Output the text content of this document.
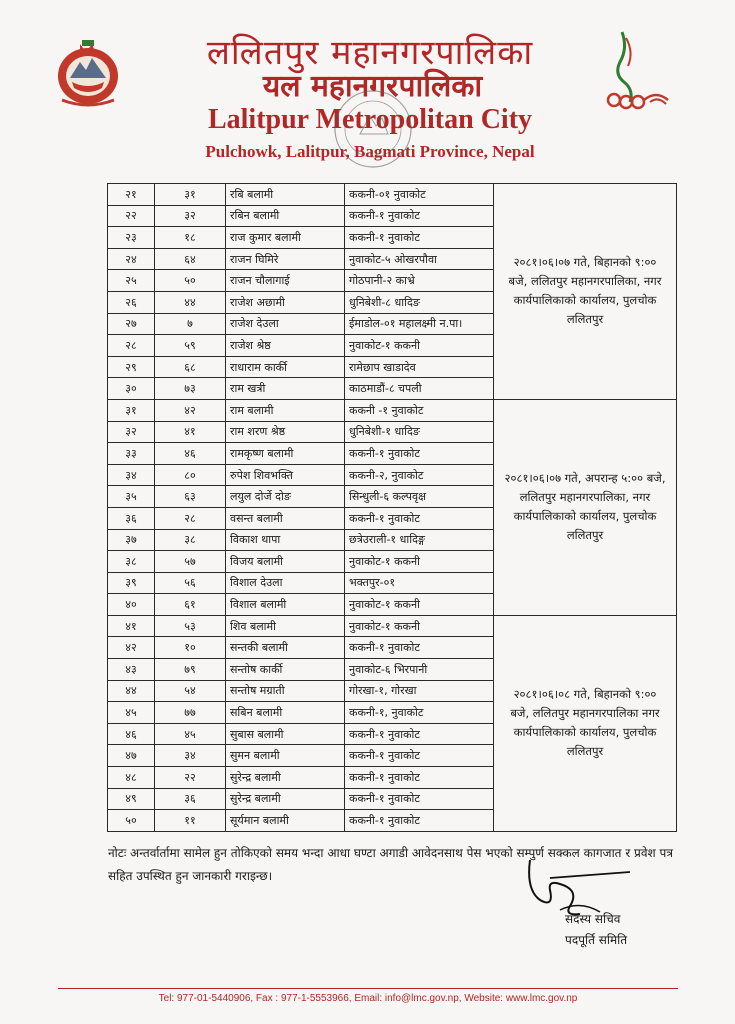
ललितपुर महानगरपालिका
यल महानगरपालिका
Lalitpur Metropolitan City
Pulchowk, Lalitpur, Bagmati Province, Nepal
२१	३१	रबि बलामी	ककनी-०१ नुवाकोट	२०८१।०६।०७ गते, बिहानको ९:०० बजे, ललितपुर महानगरपालिका, नगर कार्यपालिकाको कार्यालय, पुलचोक ललितपुर
२२	३२	रबिन बलामी	ककनी-१ नुवाकोट	
२३	१८	राज कुमार बलामी	ककनी-१ नुवाकोट	
२४	६४	राजन घिमिरे	नुवाकोट-५ ओखरपौवा	
२५	५०	राजन चौलागाई	गोठपानी-२ काभ्रे	
२६	४४	राजेश अछामी	धुनिबेशी-८ धादिङ	
२७	७	राजेश देउला	ईमाडोल-०१ महालक्ष्मी न.पा।	
२८	५९	राजेश श्रेष्ठ	नुवाकोट-१ ककनी	
२९	६८	राधाराम कार्की	रामेछाप खाडादेव	
३०	७३	राम खत्री	काठमाडौं-८ चपली	
३१	४२	राम बलामी	ककनी -१ नुवाकोट	२०८१।०६।०७ गते, अपरान्ह ५:०० बजे, ललितपुर महानगरपालिका, नगर कार्यपालिकाको कार्यालय, पुलचोक ललितपुर
३२	४१	राम शरण श्रेष्ठ	धुनिबेशी-१ धादिङ	
३३	४६	रामकृष्ण बलामी	ककनी-१ नुवाकोट	
३४	८०	रुपेश शिवभक्ति	ककनी-२, नुवाकोट	
३५	६३	लयुल दोर्जे दोङ	सिन्धुली-६ कल्पवृक्ष	
३६	२८	वसन्त बलामी	ककनी-१ नुवाकोट	
३७	३८	विकाश थापा	छत्रेउराली-१ धादिङ्ग	
३८	५७	विजय बलामी	नुवाकोट-१ ककनी	
३९	५६	विशाल देउला	भक्तपुर-०१	
४०	६१	विशाल बलामी	नुवाकोट-१ ककनी	
४१	५३	शिव बलामी	नुवाकोट-१ ककनी	२०८१।०६।०८ गते, बिहानको ९:०० बजे, ललितपुर महानगरपालिका नगर कार्यपालिकाको कार्यालय, पुलचोक ललितपुर
४२	१०	सन्तकी बलामी	ककनी-१ नुवाकोट	
४३	७९	सन्तोष कार्की	नुवाकोट-६ भिरपानी	
४४	५४	सन्तोष मग्राती	गोरखा-१, गोरखा	
४५	७७	सबिन बलामी	ककनी-१, नुवाकोट	
४६	४५	सुबास बलामी	ककनी-१ नुवाकोट	
४७	३४	सुमन बलामी	ककनी-१ नुवाकोट	
४८	२२	सुरेन्द्र बलामी	ककनी-१ नुवाकोट	
४९	३६	सुरेन्द्र बलामी	ककनी-१ नुवाकोट	
५०	११	सूर्यमान बलामी	ककनी-१ नुवाकोट	
नोटः अन्तर्वार्तामा सामेल हुन तोकिएको समय भन्दा आधा घण्टा अगाडी आवेदनसाथ पेस भएको सम्पुर्ण सक्कल कागजात र प्रवेश पत्र सहित उपस्थित हुन जानकारी गराइन्छ।
सदस्य सचिव
पदपूर्ति समिति
Tel: 977-01-5440906, Fax : 977-1-5553966, Email: info@lmc.gov.np, Website: www.lmc.gov.np
